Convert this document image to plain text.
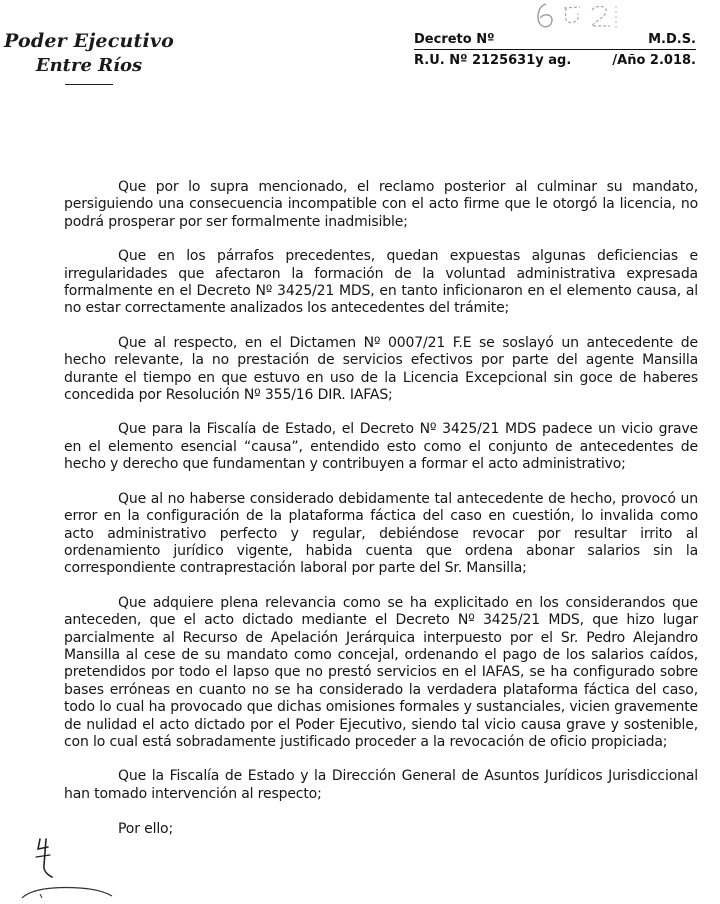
Poder Ejecutivo
Entre Ríos
Decreto Nº	M.D.S.
R.U. Nº 2125631y ag.	/Año 2.018.

Que por lo supra mencionado, el reclamo posterior al culminar su mandato, persiguiendo una consecuencia incompatible con el acto firme que le otorgó la licencia, no podrá prosperar por ser formalmente inadmisible;

Que en los párrafos precedentes, quedan expuestas algunas deficiencias e irregularidades que afectaron la formación de la voluntad administrativa expresada formalmente en el Decreto Nº 3425/21 MDS, en tanto inficionaron en el elemento causa, al no estar correctamente analizados los antecedentes del trámite;

Que al respecto, en el Dictamen Nº 0007/21 F.E se soslayó un antecedente de hecho relevante, la no prestación de servicios efectivos por parte del agente Mansilla durante el tiempo en que estuvo en uso de la Licencia Excepcional sin goce de haberes concedida por Resolución Nº 355/16 DIR. IAFAS;

Que para la Fiscalía de Estado, el Decreto Nº 3425/21 MDS padece un vicio grave en el elemento esencial “causa”, entendido esto como el conjunto de antecedentes de hecho y derecho que fundamentan y contribuyen a formar el acto administrativo;

Que al no haberse considerado debidamente tal antecedente de hecho, provocó un error en la configuración de la plataforma fáctica del caso en cuestión, lo invalida como acto administrativo perfecto y regular, debiéndose revocar por resultar irrito al ordenamiento jurídico vigente, habida cuenta que ordena abonar salarios sin la correspondiente contraprestación laboral por parte del Sr. Mansilla;

Que adquiere plena relevancia como se ha explicitado en los considerandos que anteceden, que el acto dictado mediante el Decreto Nº 3425/21 MDS, que hizo lugar parcialmente al Recurso de Apelación Jerárquica interpuesto por el Sr. Pedro Alejandro Mansilla al cese de su mandato como concejal, ordenando el pago de los salarios caídos, pretendidos por todo el lapso que no prestó servicios en el IAFAS, se ha configurado sobre bases erróneas en cuanto no se ha considerado la verdadera plataforma fáctica del caso, todo lo cual ha provocado que dichas omisiones formales y sustanciales, vicien gravemente de nulidad el acto dictado por el Poder Ejecutivo, siendo tal vicio causa grave y sostenible, con lo cual está sobradamente justificado proceder a la revocación de oficio propiciada;

Que la Fiscalía de Estado y la Dirección General de Asuntos Jurídicos Jurisdiccional han tomado intervención al respecto;

Por ello;
